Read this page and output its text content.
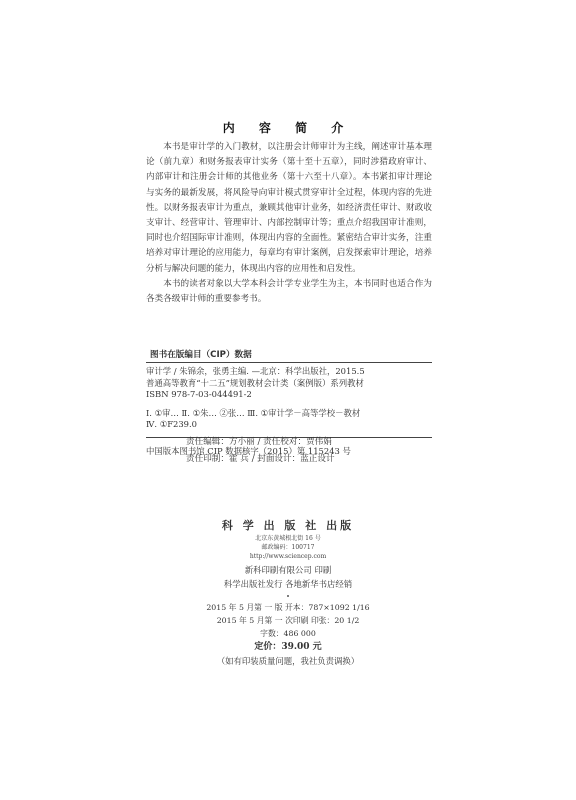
内 容 简 介

本书是审计学的入门教材，以注册会计师审计为主线，阐述审计基本理论（前九章）和财务报表审计实务（第十至十五章），同时涉猎政府审计、内部审计和注册会计师的其他业务（第十六至十八章）。本书紧扣审计理论与实务的最新发展，将风险导向审计模式贯穿审计全过程，体现内容的先进性。以财务报表审计为重点，兼顾其他审计业务，如经济责任审计、财政收支审计、经营审计、管理审计、内部控制审计等；重点介绍我国审计准则，同时也介绍国际审计准则，体现出内容的全面性。紧密结合审计实务，注重培养对审计理论的应用能力，每章均有审计案例，启发探索审计理论，培养分析与解决问题的能力，体现出内容的应用性和启发性。

本书的读者对象以大学本科会计学专业学生为主，本书同时也适合作为各类各级审计师的重要参考书。

图书在版编目（CIP）数据
审计学 / 朱锦余，张勇主编. —北京：科学出版社，2015.5
普通高等教育“十二五”规划教材会计类（案例版）系列教材
ISBN 978-7-03-044491-2
Ⅰ. ①审… Ⅱ. ①朱… ②张… Ⅲ. ①审计学－高等学校－教材
Ⅳ. ①F239.0
中国版本图书馆 CIP 数据核字（2015）第 115243 号
责任编辑：方小丽 / 责任校对：贾伟娟
责任印制：霍 兵 / 封面设计：蓝正设计
科 学 出 版 社 出版
北京东黄城根北街 16 号
邮政编码：100717
http://www.sciencep.com
新科印刷有限公司 印刷
科学出版社发行 各地新华书店经销
2015 年 5 月第 一 版 开本：787×1092 1/16
2015 年 5 月第 一 次印刷 印张：20 1/2
字数：486 000
定价：39.00 元
（如有印装质量问题，我社负责调换）
